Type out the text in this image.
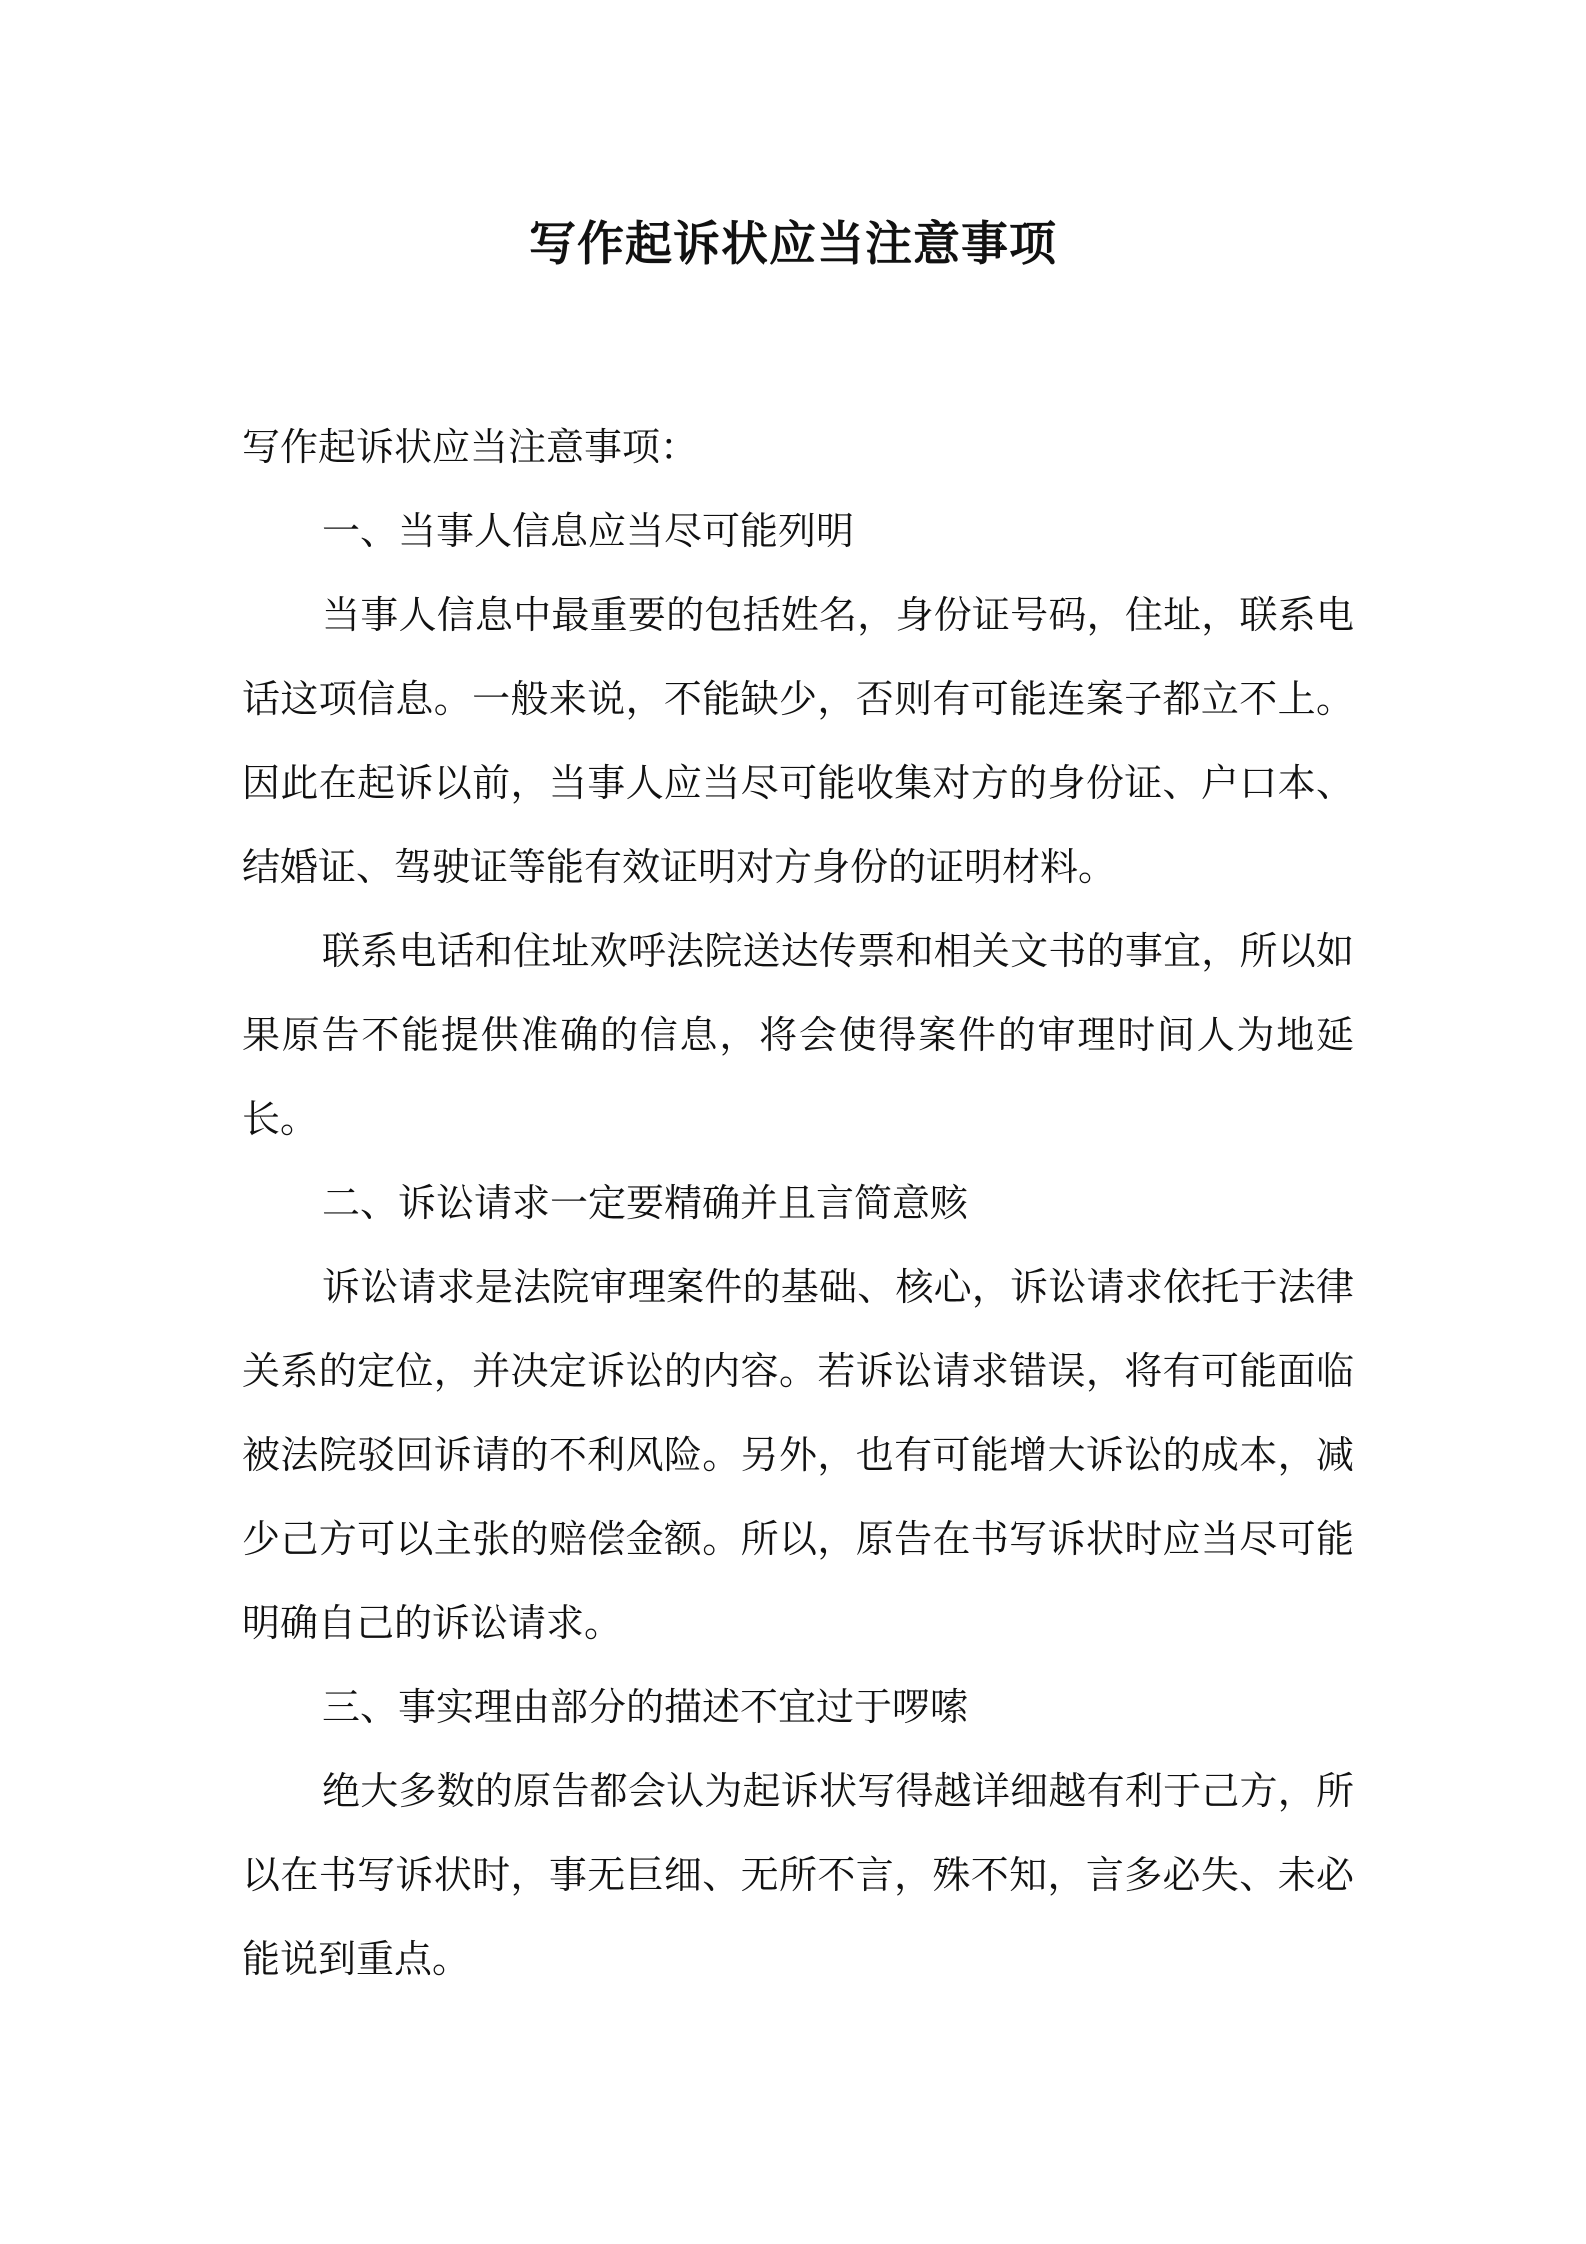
写作起诉状应当注意事项

写作起诉状应当注意事项：

一、当事人信息应当尽可能列明

当事人信息中最重要的包括姓名，身份证号码，住址，联系电话这项信息。一般来说，不能缺少，否则有可能连案子都立不上。因此在起诉以前，当事人应当尽可能收集对方的身份证、户口本、结婚证、驾驶证等能有效证明对方身份的证明材料。

联系电话和住址欢呼法院送达传票和相关文书的事宜，所以如果原告不能提供准确的信息，将会使得案件的审理时间人为地延长。

二、诉讼请求一定要精确并且言简意赅

诉讼请求是法院审理案件的基础、核心，诉讼请求依托于法律关系的定位，并决定诉讼的内容。若诉讼请求错误，将有可能面临被法院驳回诉请的不利风险。另外，也有可能增大诉讼的成本，减少己方可以主张的赔偿金额。所以，原告在书写诉状时应当尽可能明确自己的诉讼请求。

三、事实理由部分的描述不宜过于啰嗦

绝大多数的原告都会认为起诉状写得越详细越有利于己方，所以在书写诉状时，事无巨细、无所不言，殊不知，言多必失、未必能说到重点。
